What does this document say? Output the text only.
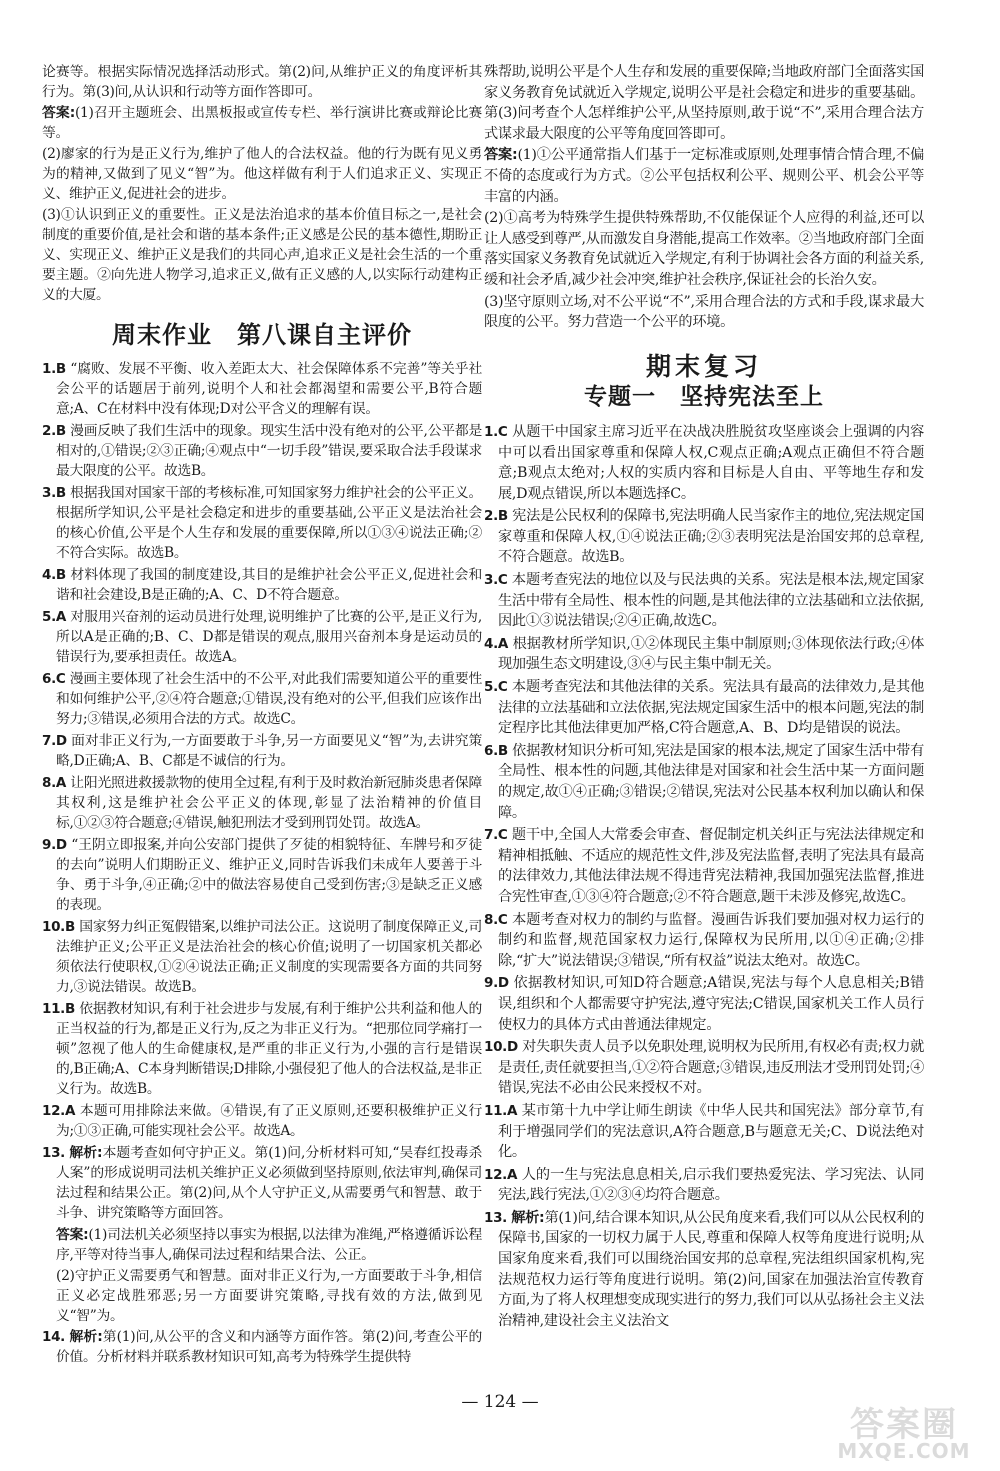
论赛等。根据实际情况选择活动形式。第(2)问,从维护正义的角度评析其行为。第(3)问,从认识和行动等方面作答即可。

答案:(1)召开主题班会、出黑板报或宣传专栏、举行演讲比赛或辩论比赛等。

(2)廖家的行为是正义行为,维护了他人的合法权益。他的行为既有见义勇为的精神,又做到了见义“智”为。他这样做有利于人们追求正义、实现正义、维护正义,促进社会的进步。

(3)①认识到正义的重要性。正义是法治追求的基本价值目标之一,是社会制度的重要价值,是社会和谐的基本条件;正义感是公民的基本德性,期盼正义、实现正义、维护正义是我们的共同心声,追求正义是社会生活的一个重要主题。②向先进人物学习,追求正义,做有正义感的人,以实际行动建构正义的大厦。

周末作业　第八课自主评价

1.B “腐败、发展不平衡、收入差距太大、社会保障体系不完善”等关乎社会公平的话题居于前列,说明个人和社会都渴望和需要公平,B符合题意;A、C在材料中没有体现;D对公平含义的理解有误。

2.B 漫画反映了我们生活中的现象。现实生活中没有绝对的公平,公平都是相对的,①错误;②③正确;④观点中“一切手段”错误,要采取合法手段谋求最大限度的公平。故选B。

3.B 根据我国对国家干部的考核标准,可知国家努力维护社会的公平正义。根据所学知识,公平是社会稳定和进步的重要基础,公平正义是法治社会的核心价值,公平是个人生存和发展的重要保障,所以①③④说法正确;②不符合实际。故选B。

4.B 材料体现了我国的制度建设,其目的是维护社会公平正义,促进社会和谐和社会建设,B是正确的;A、C、D不符合题意。

5.A 对服用兴奋剂的运动员进行处理,说明维护了比赛的公平,是正义行为,所以A是正确的;B、C、D都是错误的观点,服用兴奋剂本身是运动员的错误行为,要承担责任。故选A。

6.C 漫画主要体现了社会生活中的不公平,对此我们需要知道公平的重要性和如何维护公平,②④符合题意;①错误,没有绝对的公平,但我们应该作出努力;③错误,必须用合法的方式。故选C。

7.D 面对非正义行为,一方面要敢于斗争,另一方面要见义“智”为,去讲究策略,D正确;A、B、C都是不诚信的行为。

8.A 让阳光照进救援款物的使用全过程,有利于及时救治新冠肺炎患者保障其权利,这是维护社会公平正义的体现,彰显了法治精神的价值目标,①②③符合题意;④错误,触犯刑法才受到刑罚处罚。故选A。

9.D “王阴立即报案,并向公安部门提供了歹徒的相貌特征、车牌号和歹徒的去向”说明人们期盼正义、维护正义,同时告诉我们未成年人要善于斗争、勇于斗争,④正确;②中的做法容易使自己受到伤害;③是缺乏正义感的表现。

10.B 国家努力纠正冤假错案,以维护司法公正。这说明了制度保障正义,司法维护正义;公平正义是法治社会的核心价值;说明了一切国家机关都必须依法行使职权,①②④说法正确;正义制度的实现需要各方面的共同努力,③说法错误。故选B。

11.B 依据教材知识,有利于社会进步与发展,有利于维护公共利益和他人的正当权益的行为,都是正义行为,反之为非正义行为。“把那位同学痛打一顿”忽视了他人的生命健康权,是严重的非正义行为,小强的言行是错误的,B正确;A、C本身判断错误;D排除,小强侵犯了他人的合法权益,是非正义行为。故选B。

12.A 本题可用排除法来做。④错误,有了正义原则,还要积极维护正义行为;①③正确,可能实现社会公平。故选A。

13. 解析:本题考查如何守护正义。第(1)问,分析材料可知,“吴春红投毒杀人案”的形成说明司法机关维护正义必须做到坚持原则,依法审判,确保司法过程和结果公正。第(2)问,从个人守护正义,从需要勇气和智慧、敢于斗争、讲究策略等方面回答。

答案:(1)司法机关必须坚持以事实为根据,以法律为准绳,严格遵循诉讼程序,平等对待当事人,确保司法过程和结果合法、公正。

(2)守护正义需要勇气和智慧。面对非正义行为,一方面要敢于斗争,相信正义必定战胜邪恶;另一方面要讲究策略,寻找有效的方法,做到见义“智”为。

14. 解析:第(1)问,从公平的含义和内涵等方面作答。第(2)问,考查公平的价值。分析材料并联系教材知识可知,高考为特殊学生提供特

殊帮助,说明公平是个人生存和发展的重要保障;当地政府部门全面落实国家义务教育免试就近入学规定,说明公平是社会稳定和进步的重要基础。第(3)问考查个人怎样维护公平,从坚持原则,敢于说“不”,采用合理合法方式谋求最大限度的公平等角度回答即可。

答案:(1)①公平通常指人们基于一定标准或原则,处理事情合情合理,不偏不倚的态度或行为方式。②公平包括权利公平、规则公平、机会公平等丰富的内涵。

(2)①高考为特殊学生提供特殊帮助,不仅能保证个人应得的利益,还可以让人感受到尊严,从而激发自身潜能,提高工作效率。②当地政府部门全面落实国家义务教育免试就近入学规定,有利于协调社会各方面的利益关系,缓和社会矛盾,减少社会冲突,维护社会秩序,保证社会的长治久安。

(3)坚守原则立场,对不公平说“不”,采用合理合法的方式和手段,谋求最大限度的公平。努力营造一个公平的环境。

期末复习
专题一　坚持宪法至上

1.C 从题干中国家主席习近平在决战决胜脱贫攻坚座谈会上强调的内容中可以看出国家尊重和保障人权,C观点正确;A观点正确但不符合题意;B观点太绝对;人权的实质内容和目标是人自由、平等地生存和发展,D观点错误,所以本题选择C。

2.B 宪法是公民权利的保障书,宪法明确人民当家作主的地位,宪法规定国家尊重和保障人权,①④说法正确;②③表明宪法是治国安邦的总章程,不符合题意。故选B。

3.C 本题考查宪法的地位以及与民法典的关系。宪法是根本法,规定国家生活中带有全局性、根本性的问题,是其他法律的立法基础和立法依据,因此①③说法错误;②④正确,故选C。

4.A 根据教材所学知识,①②体现民主集中制原则;③体现依法行政;④体现加强生态文明建设,③④与民主集中制无关。

5.C 本题考查宪法和其他法律的关系。宪法具有最高的法律效力,是其他法律的立法基础和立法依据,宪法规定国家生活中的根本问题,宪法的制定程序比其他法律更加严格,C符合题意,A、B、D均是错误的说法。

6.B 依据教材知识分析可知,宪法是国家的根本法,规定了国家生活中带有全局性、根本性的问题,其他法律是对国家和社会生活中某一方面问题的规定,故①④正确;③错误;②错误,宪法对公民基本权利加以确认和保障。

7.C 题干中,全国人大常委会审查、督促制定机关纠正与宪法法律规定和精神相抵触、不适应的规范性文件,涉及宪法监督,表明了宪法具有最高的法律效力,其他法律法规不得违背宪法精神,我国加强宪法监督,推进合宪性审查,①③④符合题意;②不符合题意,题干未涉及修宪,故选C。

8.C 本题考查对权力的制约与监督。漫画告诉我们要加强对权力运行的制约和监督,规范国家权力运行,保障权为民所用,以①④正确;②排除,“扩大”说法错误;③错误,“所有权益”说法太绝对。故选C。

9.D 依据教材知识,可知D符合题意;A错误,宪法与每个人息息相关;B错误,组织和个人都需要守护宪法,遵守宪法;C错误,国家机关工作人员行使权力的具体方式由普通法律规定。

10.D 对失职失责人员予以免职处理,说明权为民所用,有权必有责;权力就是责任,责任就要担当,①②符合题意;③错误,违反刑法才受刑罚处罚;④错误,宪法不必由公民来授权不对。

11.A 某市第十九中学让师生朗读《中华人民共和国宪法》部分章节,有利于增强同学们的宪法意识,A符合题意,B与题意无关;C、D说法绝对化。

12.A 人的一生与宪法息息相关,启示我们要热爱宪法、学习宪法、认同宪法,践行宪法,①②③④均符合题意。

13. 解析:第(1)问,结合课本知识,从公民角度来看,我们可以从公民权利的保障书,国家的一切权力属于人民,尊重和保障人权等角度进行说明;从国家角度来看,我们可以围绕治国安邦的总章程,宪法组织国家机构,宪法规范权力运行等角度进行说明。第(2)问,国家在加强法治宣传教育方面,为了将人权理想变成现实进行的努力,我们可以从弘扬社会主义法治精神,建设社会主义法治文

— 124 —
答案圈
MXQE.COM
